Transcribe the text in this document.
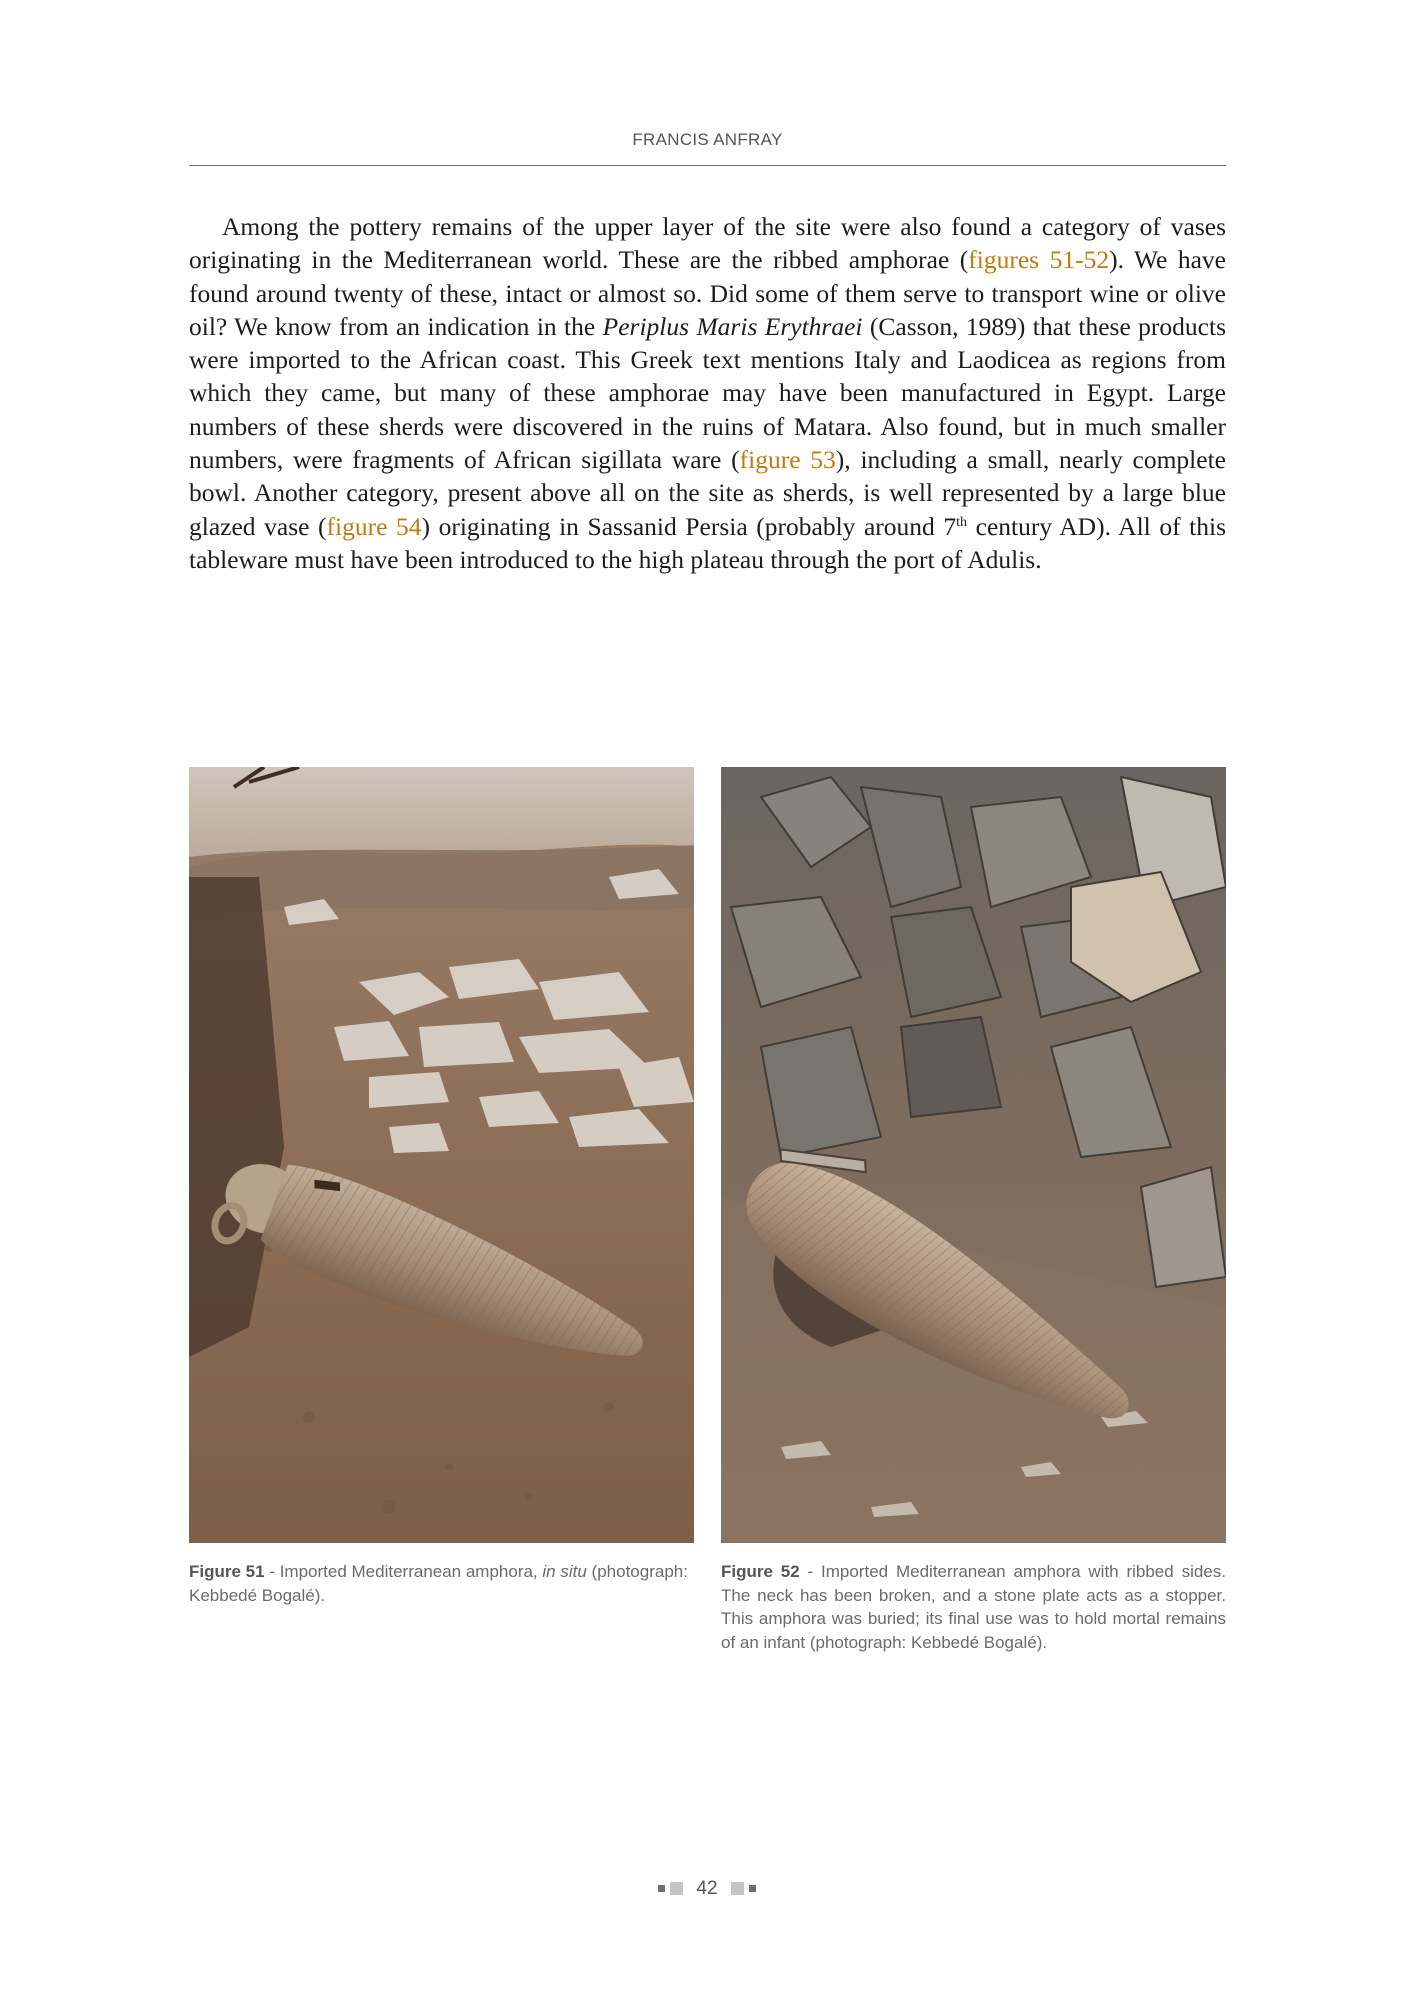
FRANCIS ANFRAY

Among the pottery remains of the upper layer of the site were also found a category of vases originating in the Mediterranean world. These are the ribbed amphorae (figures 51-52). We have found around twenty of these, intact or almost so. Did some of them serve to transport wine or olive oil? We know from an indication in the Periplus Maris Erythraei (Casson, 1989) that these products were imported to the African coast. This Greek text mentions Italy and Laodicea as regions from which they came, but many of these amphorae may have been manufactured in Egypt. Large numbers of these sherds were discovered in the ruins of Matara. Also found, but in much smaller numbers, were fragments of African sigillata ware (figure 53), including a small, nearly complete bowl. Another category, present above all on the site as sherds, is well represented by a large blue glazed vase (figure 54) originating in Sassanid Persia (probably around 7th century AD). All of this tableware must have been introduced to the high plateau through the port of Adulis.

Figure 51 - Imported Mediterranean amphora, in situ (photograph: Kebbedé Bogalé).
Figure 52 - Imported Mediterranean amphora with ribbed sides. The neck has been broken, and a stone plate acts as a stopper. This amphora was buried; its final use was to hold mortal remains of an infant (photograph: Kebbedé Bogalé).
42
